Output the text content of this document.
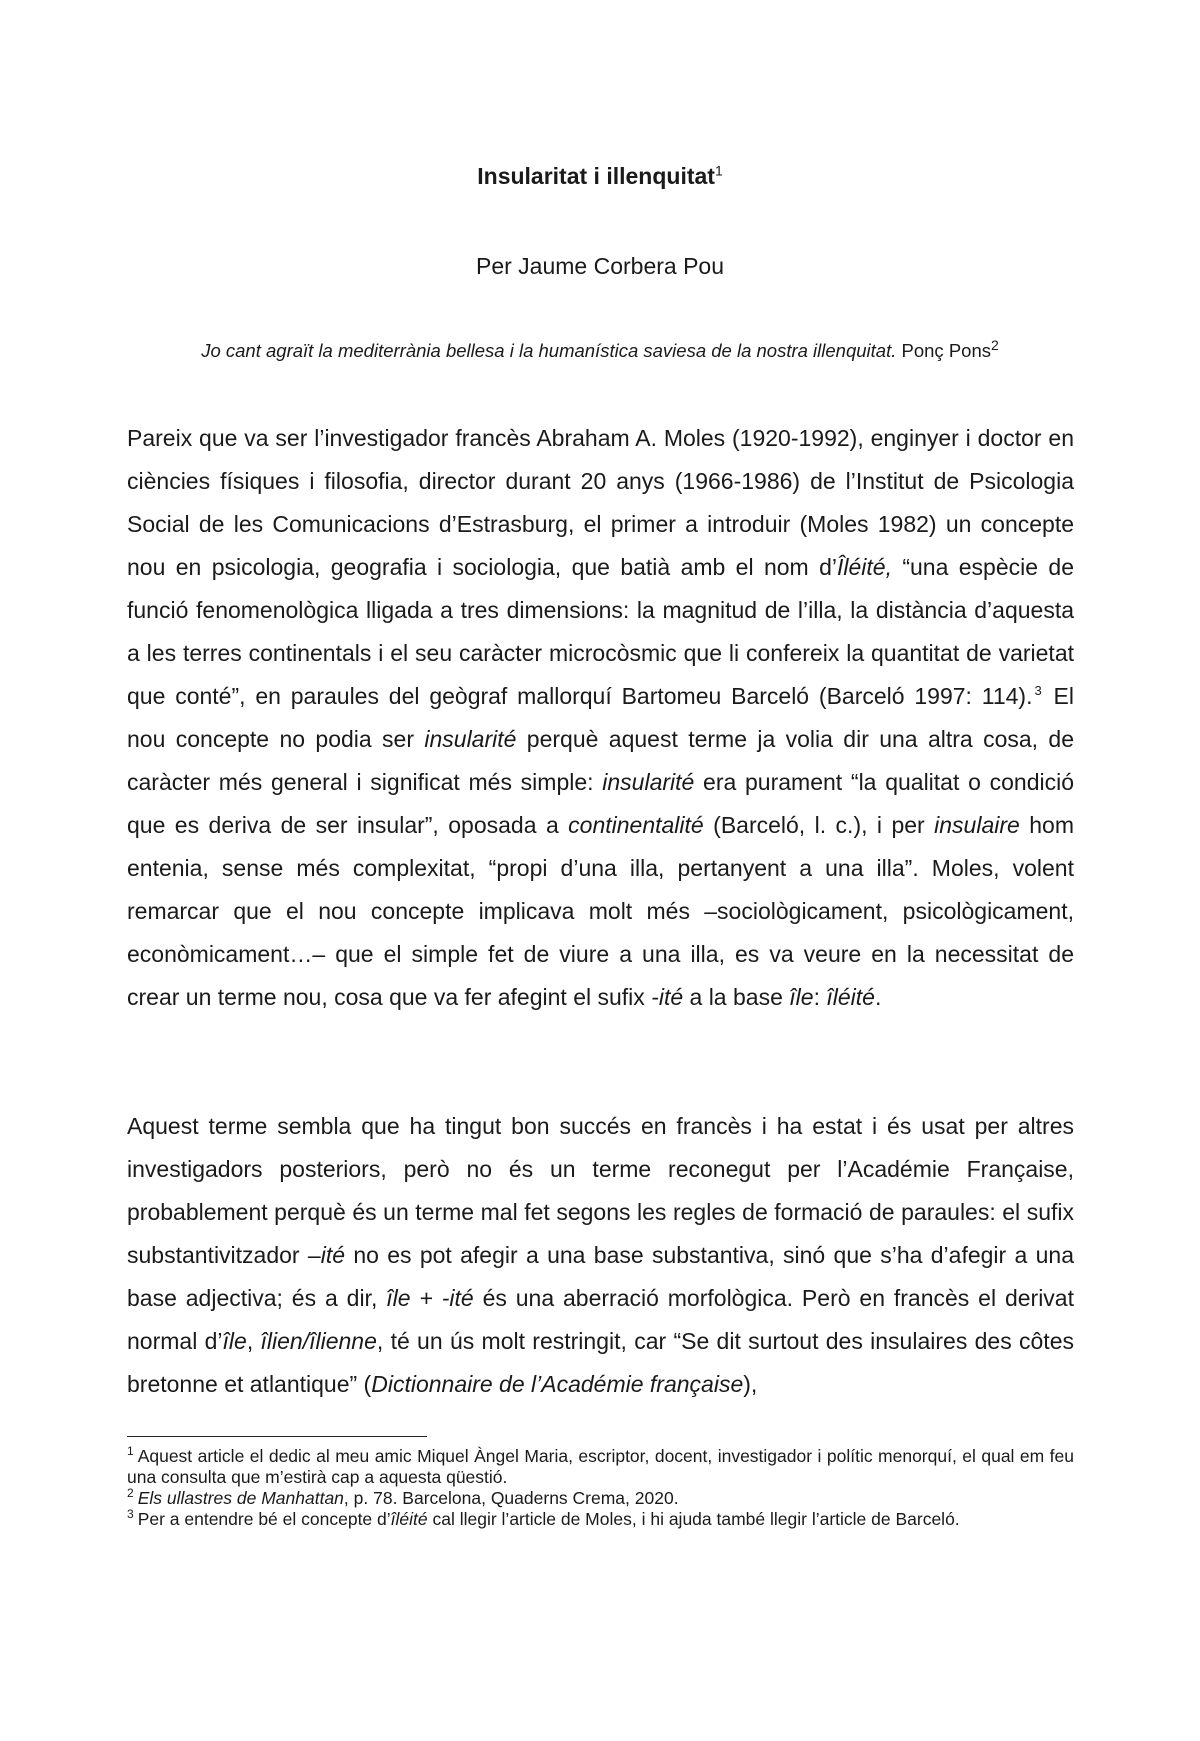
Insularitat i illenquitat$^1$
Per Jaume Corbera Pou
Jo cant agraït la mediterrània bellesa i la humanística saviesa de la nostra illenquitat. Ponç Pons$^2$

Pareix que va ser l’investigador francès Abraham A. Moles (1920-1992), enginyer i doctor en ciències físiques i filosofia, director durant 20 anys (1966-1986) de l’Institut de Psicologia Social de les Comunicacions d’Estrasburg, el primer a introduir (Moles 1982) un concepte nou en psicologia, geografia i sociologia, que batià amb el nom d’Îléité, “una espècie de funció fenomenològica lligada a tres dimensions: la magnitud de l’illa, la distància d’aquesta a les terres continentals i el seu caràcter microcòsmic que li confereix la quantitat de varietat que conté”, en paraules del geògraf mallorquí Bartomeu Barceló (Barceló 1997: 114). $^3$ El nou concepte no podia ser insularité perquè aquest terme ja volia dir una altra cosa, de caràcter més general i significat més simple: insularité era purament “la qualitat o condició que es deriva de ser insular”, oposada a continentalité (Barceló, l. c.), i per insulaire hom entenia, sense més complexitat, “propi d’una illa, pertanyent a una illa”. Moles, volent remarcar que el nou concepte implicava molt més –sociològicament, psicològicament, econòmicament…– que el simple fet de viure a una illa, es va veure en la necessitat de crear un terme nou, cosa que va fer afegint el sufix -ité a la base île: îléité.

Aquest terme sembla que ha tingut bon succés en francès i ha estat i és usat per altres investigadors posteriors, però no és un terme reconegut per l’Académie Française, probablement perquè és un terme mal fet segons les regles de formació de paraules: el sufix substantivitzador –ité no es pot afegir a una base substantiva, sinó que s’ha d’afegir a una base adjectiva; és a dir, île + -ité és una aberració morfològica. Però en francès el derivat normal d’île, îlien/îlienne, té un ús molt restringit, car “Se dit surtout des insulaires des côtes bretonne et atlantique” (Dictionnaire de l’Académie française),

$^1$ Aquest article el dedic al meu amic Miquel Àngel Maria, escriptor, docent, investigador i polític menorquí, el qual em feu una consulta que m’estirà cap a aquesta qüestió.

$^2$ Els ullastres de Manhattan, p. 78. Barcelona, Quaderns Crema, 2020.

$^3$ Per a entendre bé el concepte d’îléité cal llegir l’article de Moles, i hi ajuda també llegir l’article de Barceló.
